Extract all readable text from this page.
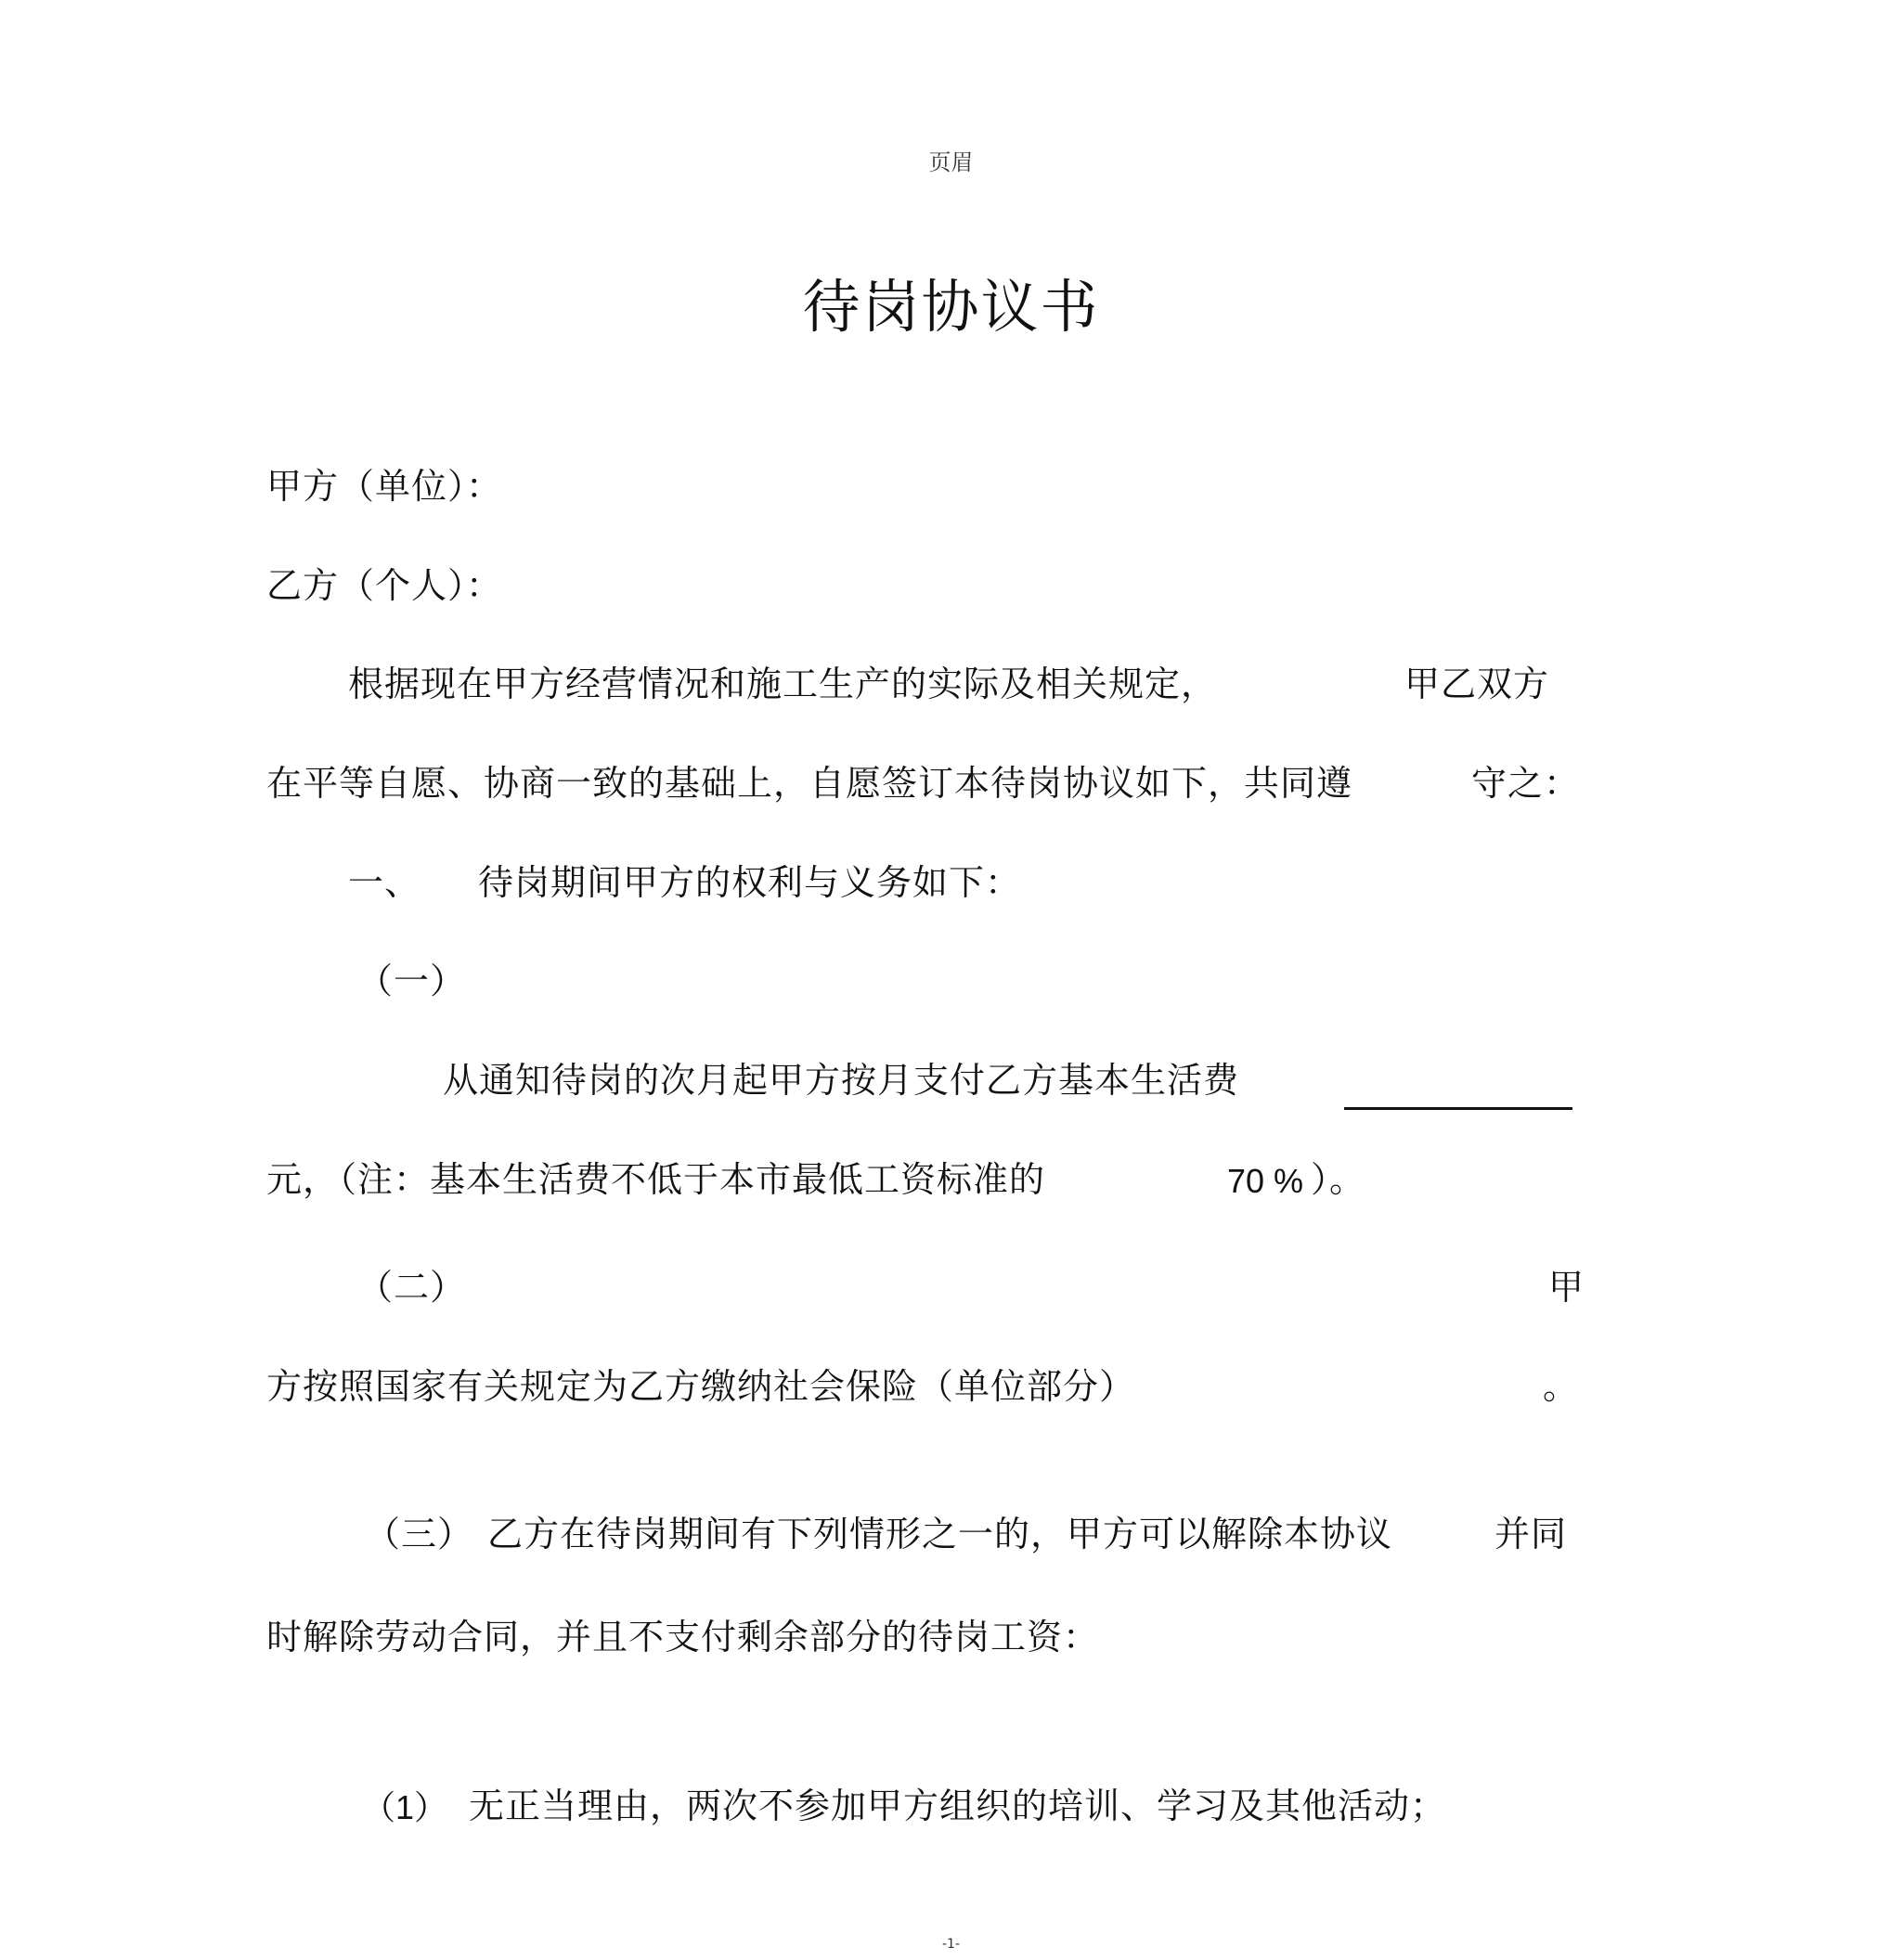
页眉
待岗协议书
甲方（单位）：
乙方（个人）：
根据现在甲方经营情况和施工生产的实际及相关规定，	甲乙双方
在平等自愿、协商一致的基础上，自愿签订本待岗协议如下，共同遵	守之：
一、 待岗期间甲方的权利与义务如下：
（一）
从通知待岗的次月起甲方按月支付乙方基本生活费
元，（注：基本生活费不低于本市最低工资标准的	70 % ）。
（二）	甲
方按照国家有关规定为乙方缴纳社会保险（单位部分）	。
（三） 乙方在待岗期间有下列情形之一的，甲方可以解除本协议	并同
时解除劳动合同，并且不支付剩余部分的待岗工资：
（1） 无正当理由，两次不参加甲方组织的培训、学习及其他活动；
-1-
